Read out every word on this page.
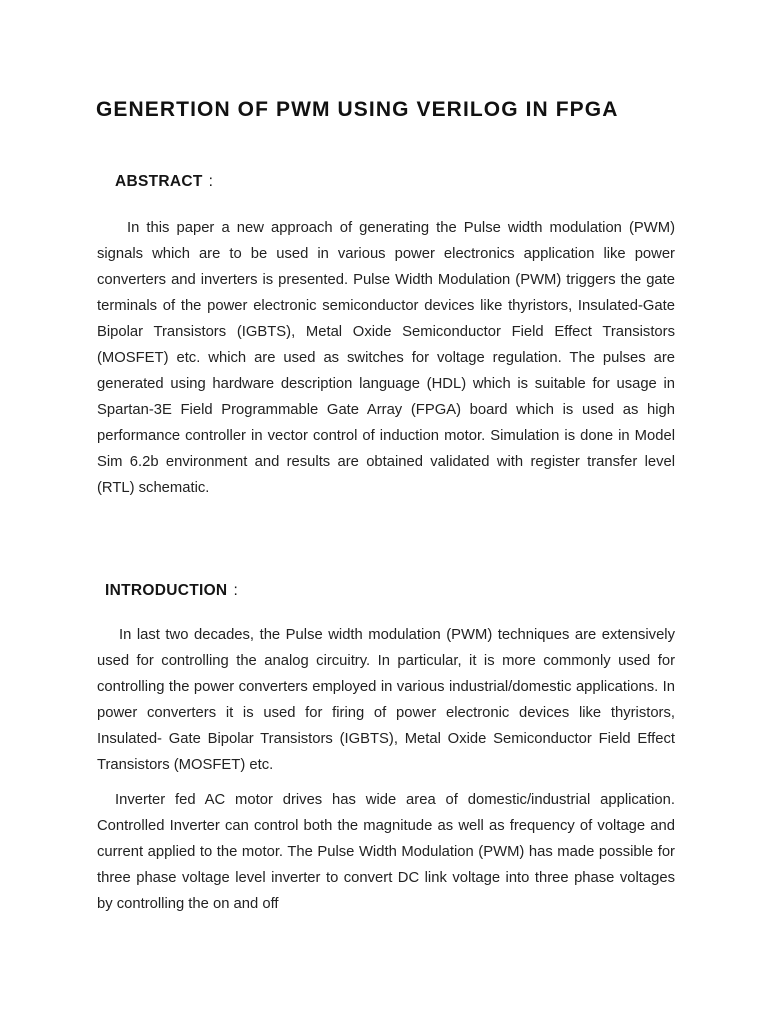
GENERTION OF PWM USING VERILOG IN FPGA
ABSTRACT :

In this paper a new approach of generating the Pulse width modulation (PWM) signals which are to be used in various power electronics application like power converters and inverters is presented. Pulse Width Modulation (PWM) triggers the gate terminals of the power electronic semiconductor devices like thyristors, Insulated-Gate Bipolar Transistors (IGBTS), Metal Oxide Semiconductor Field Effect Transistors (MOSFET) etc. which are used as switches for voltage regulation. The pulses are generated using hardware description language (HDL) which is suitable for usage in Spartan-3E Field Programmable Gate Array (FPGA) board which is used as high performance controller in vector control of induction motor. Simulation is done in Model Sim 6.2b environment and results are obtained validated with register transfer level (RTL) schematic.

INTRODUCTION :

In last two decades, the Pulse width modulation (PWM) techniques are extensively used for controlling the analog circuitry. In particular, it is more commonly used for controlling the power converters employed in various industrial/domestic applications. In power converters it is used for firing of power electronic devices like thyristors, Insulated- Gate Bipolar Transistors (IGBTS), Metal Oxide Semiconductor Field Effect Transistors (MOSFET) etc.

Inverter fed AC motor drives has wide area of domestic/industrial application. Controlled Inverter can control both the magnitude as well as frequency of voltage and current applied to the motor. The Pulse Width Modulation (PWM) has made possible for three phase voltage level inverter to convert DC link voltage into three phase voltages by controlling the on and off
